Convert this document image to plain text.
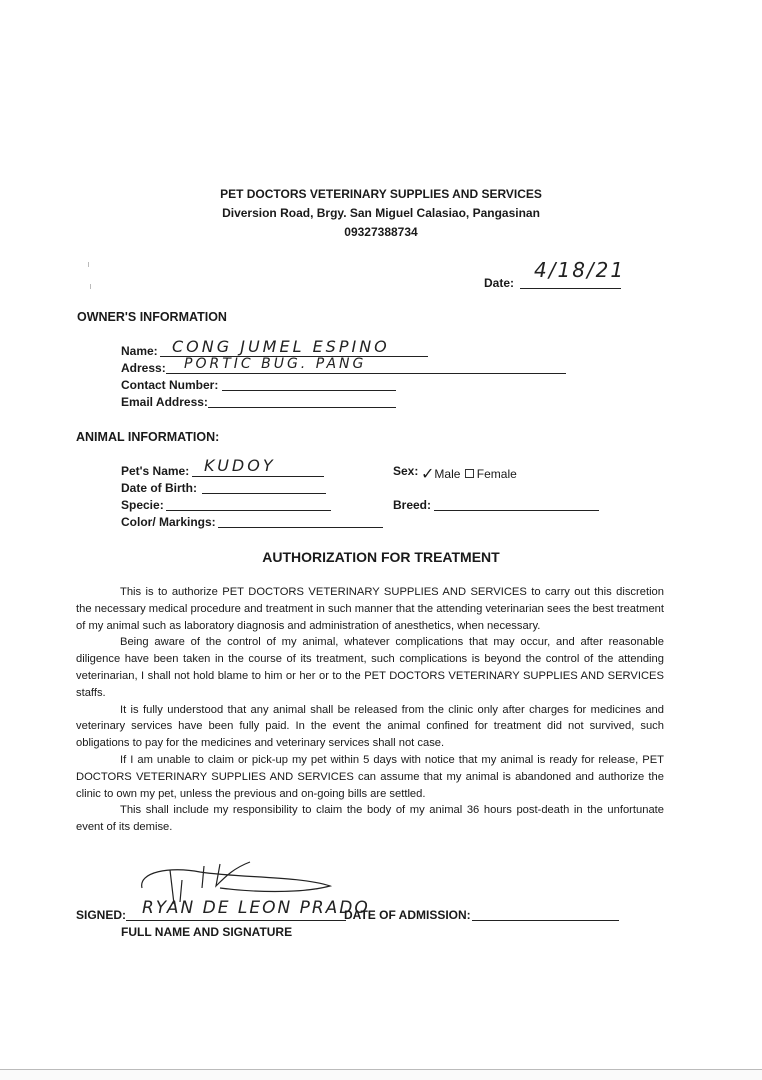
PET DOCTORS VETERINARY SUPPLIES AND SERVICES
Diversion Road, Brgy. San Miguel Calasiao, Pangasinan
09327388734
Date:
4/18/21
OWNER'S INFORMATION
Name: CONG JUMEL ESPINO
Adress: PORTIC BUG. PANG
Contact Number:
Email Address:
ANIMAL INFORMATION:
Pet's Name: KUDOY	Sex: ✓Male Female
Date of Birth:
Specie:	Breed:
Color/ Markings:
AUTHORIZATION FOR TREATMENT

This is to authorize PET DOCTORS VETERINARY SUPPLIES AND SERVICES to carry out this discretion the necessary medical procedure and treatment in such manner that the attending veterinarian sees the best treatment of my animal such as laboratory diagnosis and administration of anesthetics, when necessary.

Being aware of the control of my animal, whatever complications that may occur, and after reasonable diligence have been taken in the course of its treatment, such complications is beyond the control of the attending veterinarian, I shall not hold blame to him or her or to the PET DOCTORS VETERINARY SUPPLIES AND SERVICES staffs.

It is fully understood that any animal shall be released from the clinic only after charges for medicines and veterinary services have been fully paid. In the event the animal confined for treatment did not survived, such obligations to pay for the medicines and veterinary services shall not case.

If I am unable to claim or pick-up my pet within 5 days with notice that my animal is ready for release, PET DOCTORS VETERINARY SUPPLIES AND SERVICES can assume that my animal is abandoned and authorize the clinic to own my pet, unless the previous and on-going bills are settled.

This shall include my responsibility to claim the body of my animal 36 hours post-death in the unfortunate event of its demise.

SIGNED: RYAN DE LEON PRADO
DATE OF ADMISSION:
FULL NAME AND SIGNATURE
